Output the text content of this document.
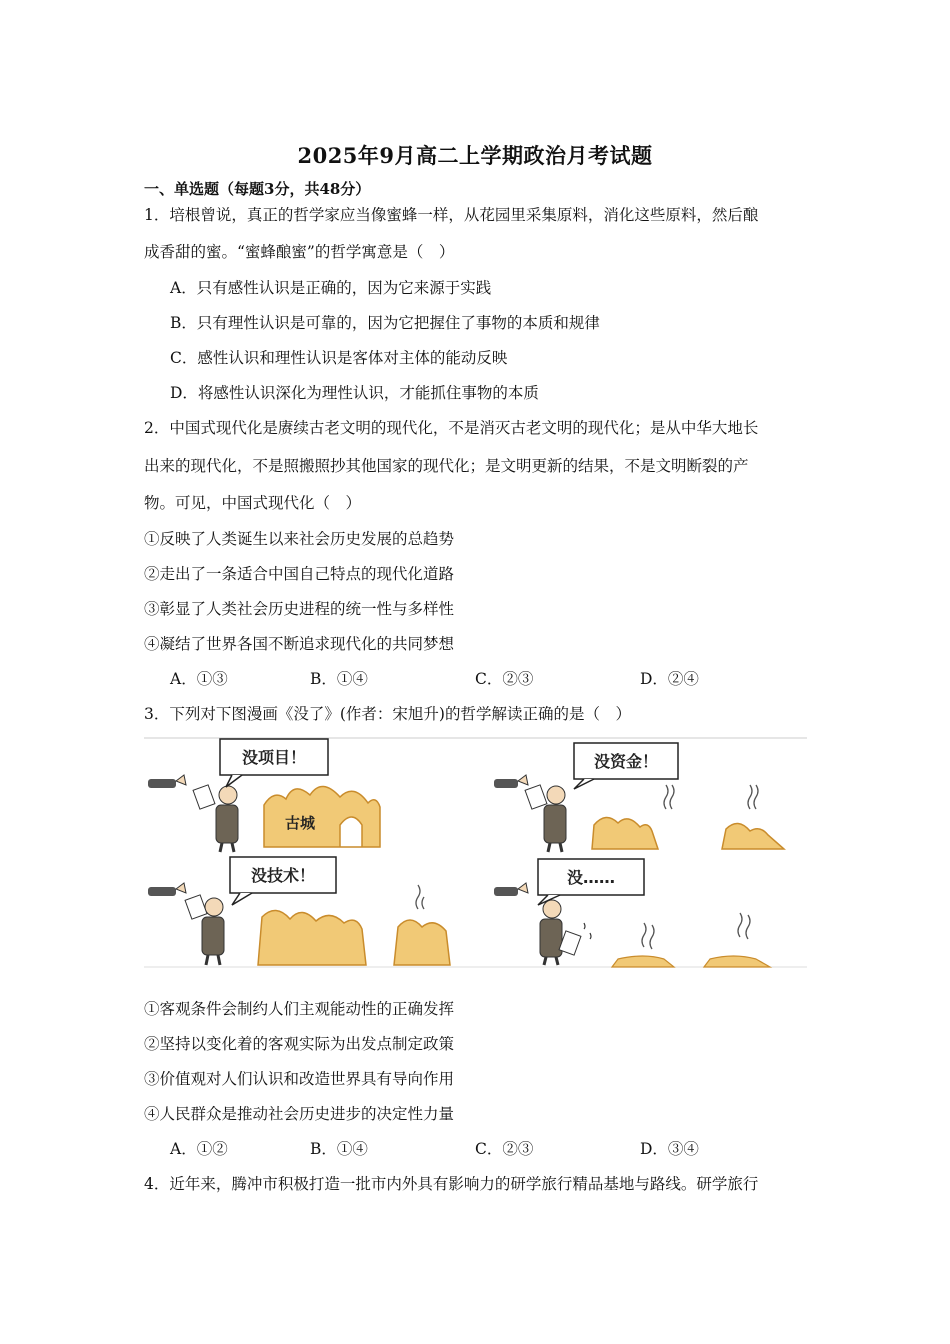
2025年9月高二上学期政治月考试题
一、单选题（每题3分，共48分）
1．培根曾说，真正的哲学家应当像蜜蜂一样，从花园里采集原料，消化这些原料，然后酿
成香甜的蜜。“蜜蜂酿蜜”的哲学寓意是（　）
A．只有感性认识是正确的，因为它来源于实践
B．只有理性认识是可靠的，因为它把握住了事物的本质和规律
C．感性认识和理性认识是客体对主体的能动反映
D．将感性认识深化为理性认识，才能抓住事物的本质
2．中国式现代化是赓续古老文明的现代化，不是消灭古老文明的现代化；是从中华大地长
出来的现代化，不是照搬照抄其他国家的现代化；是文明更新的结果，不是文明断裂的产
物。可见，中国式现代化（　）
①反映了人类诞生以来社会历史发展的总趋势
②走出了一条适合中国自己特点的现代化道路
③彰显了人类社会历史进程的统一性与多样性
④凝结了世界各国不断追求现代化的共同梦想
A．①③	B．①④	C．②③	D．②④
3．下列对下图漫画《没了》(作者：宋旭升)的哲学解读正确的是（　）
没项目！
古城
没资金！
没技术！	没……
①客观条件会制约人们主观能动性的正确发挥
②坚持以变化着的客观实际为出发点制定政策
③价值观对人们认识和改造世界具有导向作用
④人民群众是推动社会历史进步的决定性力量
A．①②	B．①④	C．②③	D．③④
4．近年来，腾冲市积极打造一批市内外具有影响力的研学旅行精品基地与路线。研学旅行
